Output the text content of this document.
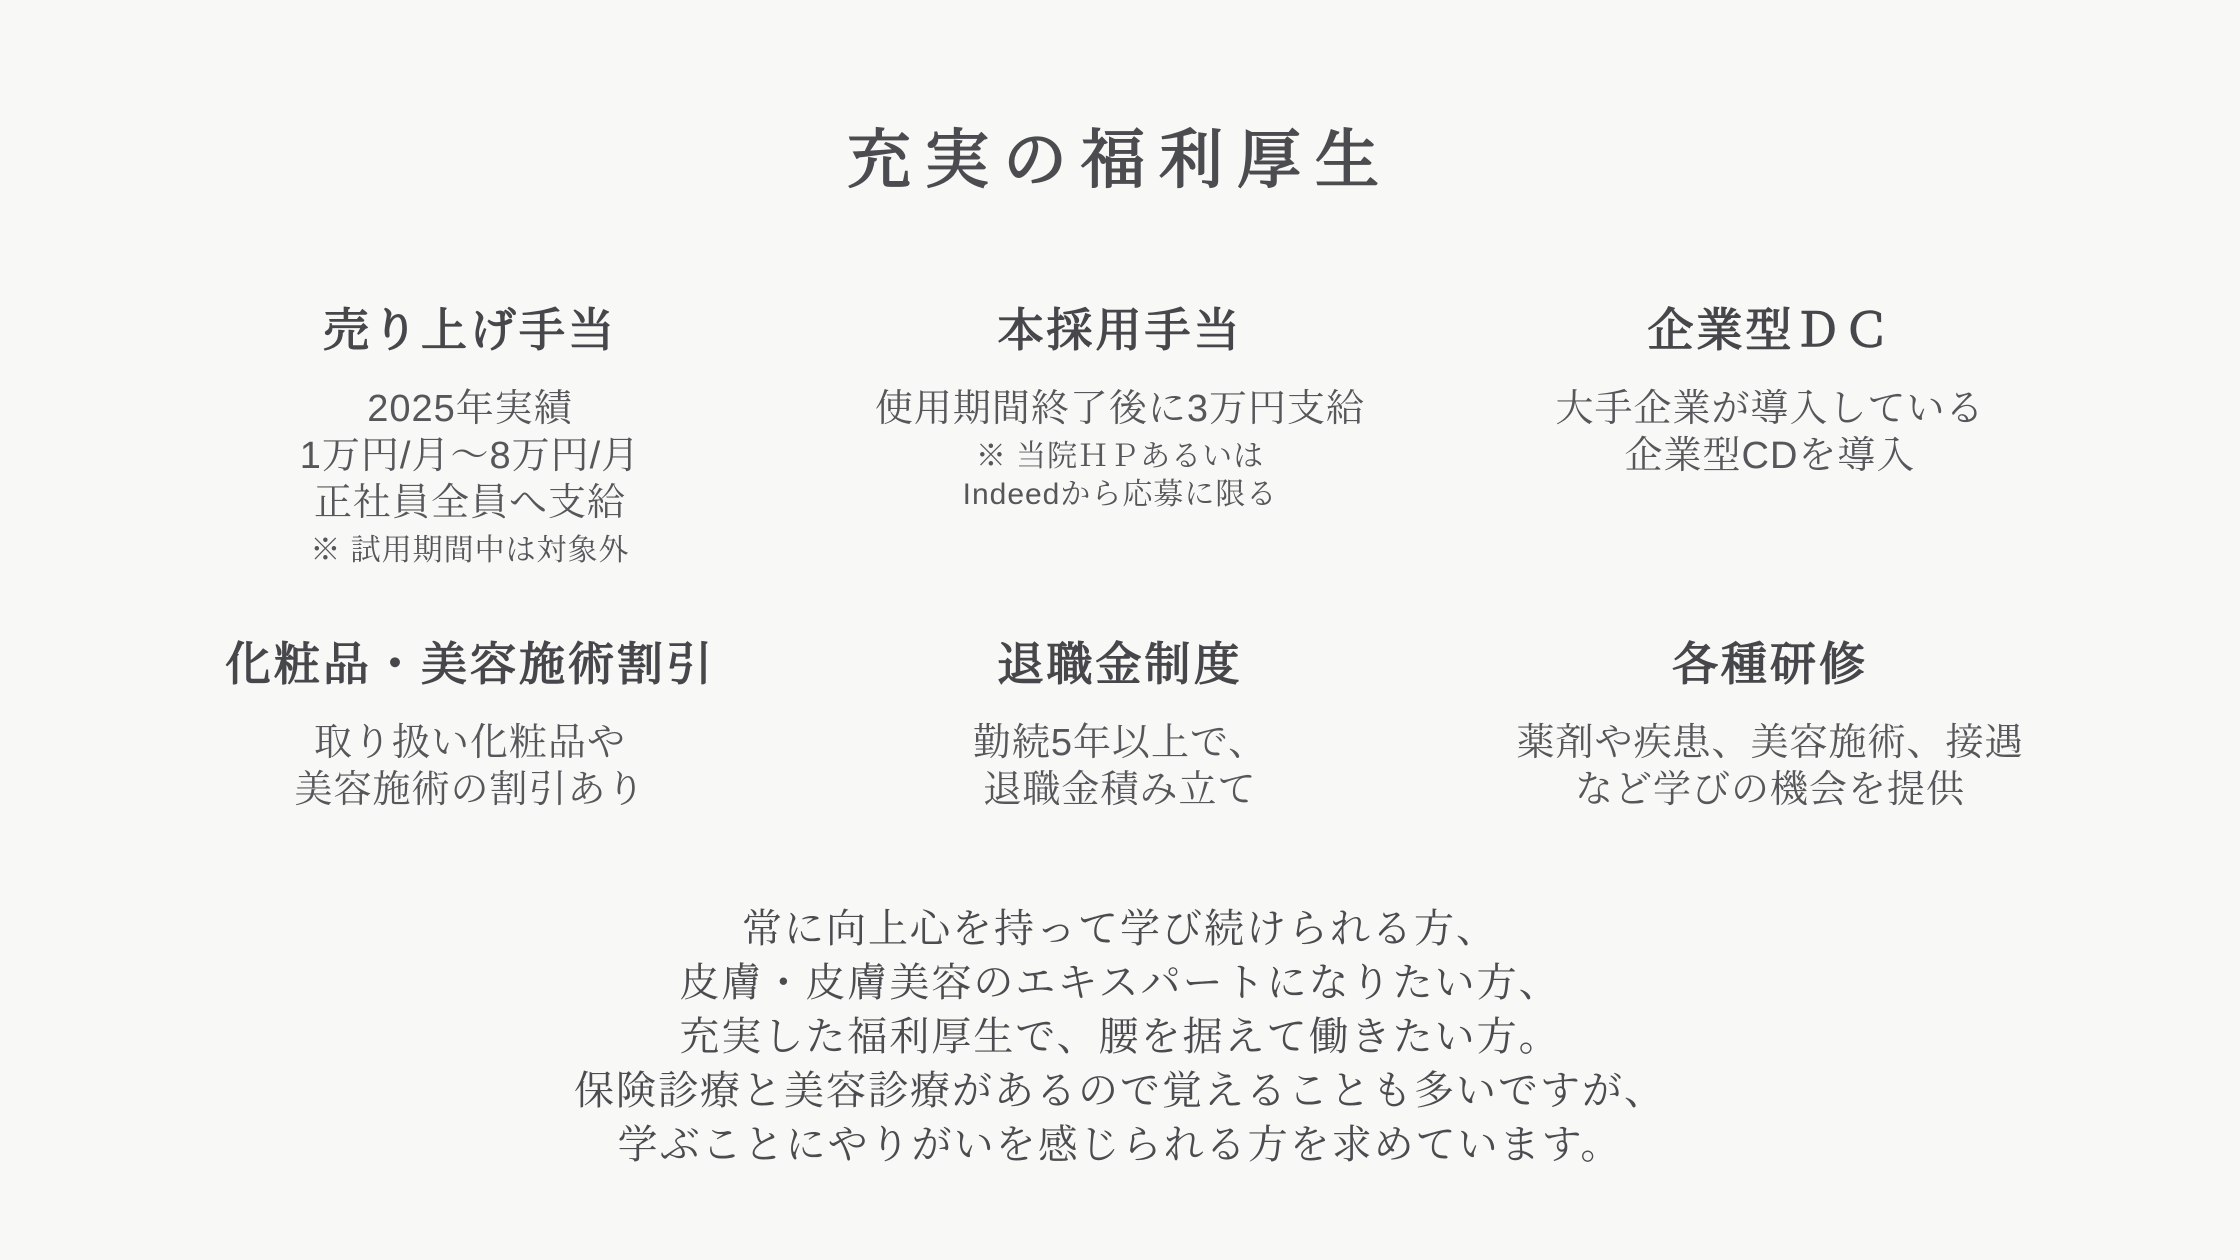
充実の福利厚生
売り上げ手当
2025年実績
1万円/月〜8万円/月
正社員全員へ支給
※ 試用期間中は対象外
本採用手当
使用期間終了後に3万円支給
※ 当院ＨＰあるいは
Indeedから応募に限る
企業型ＤＣ
大手企業が導入している
企業型CDを導入
化粧品・美容施術割引
取り扱い化粧品や
美容施術の割引あり
退職金制度
勤続5年以上で、
退職金積み立て
各種研修
薬剤や疾患、美容施術、接遇
など学びの機会を提供
常に向上心を持って学び続けられる方、
皮膚・皮膚美容のエキスパートになりたい方、
充実した福利厚生で、腰を据えて働きたい方。
保険診療と美容診療があるので覚えることも多いですが、
学ぶことにやりがいを感じられる方を求めています。
